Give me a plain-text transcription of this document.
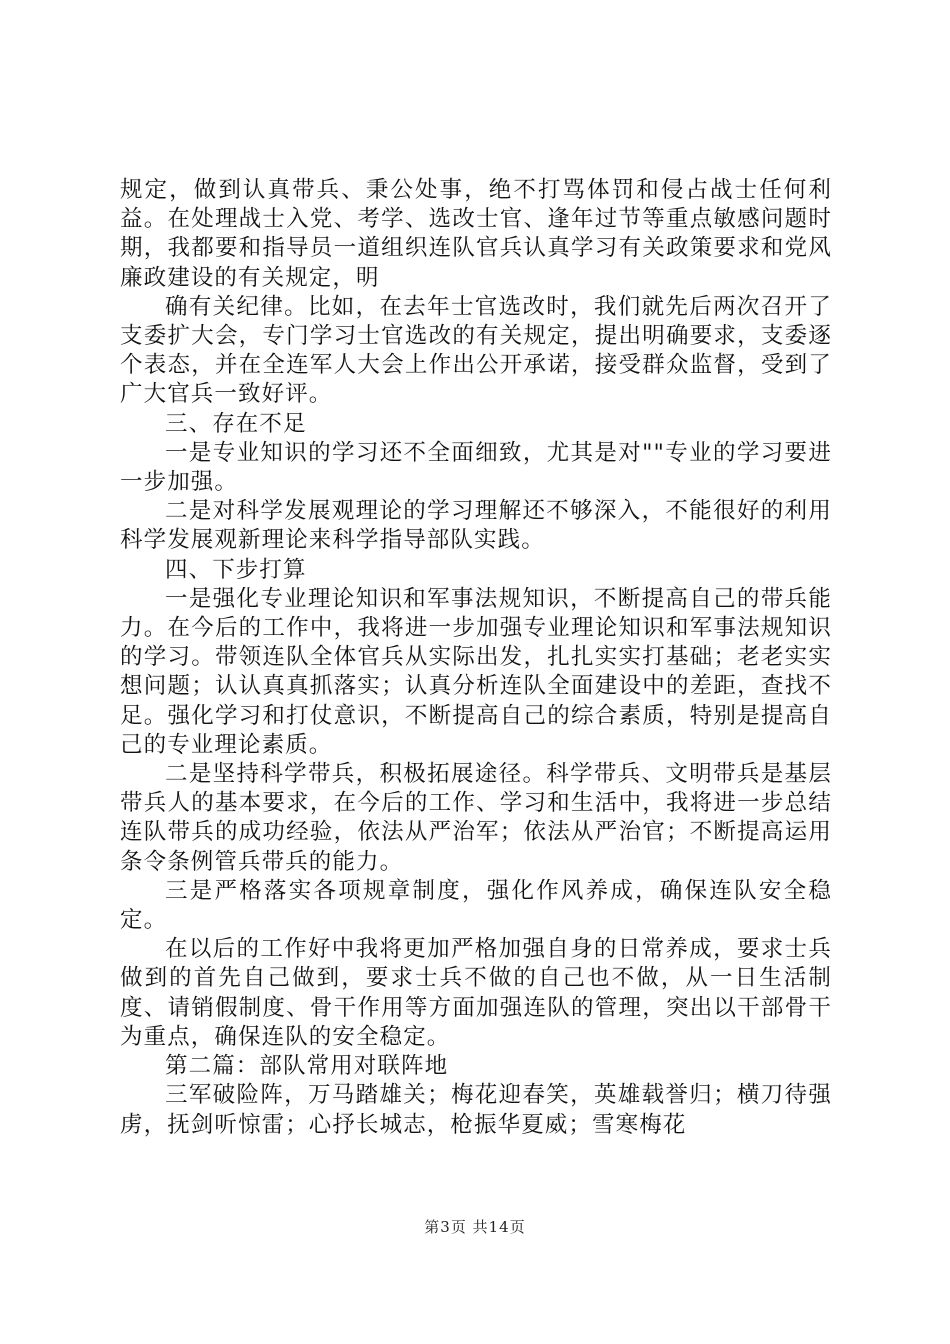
规定，做到认真带兵、秉公处事，绝不打骂体罚和侵占战士任何利益。在处理战士入党、考学、选改士官、逢年过节等重点敏感问题时期，我都要和指导员一道组织连队官兵认真学习有关政策要求和党风廉政建设的有关规定，明

确有关纪律。比如，在去年士官选改时，我们就先后两次召开了支委扩大会，专门学习士官选改的有关规定，提出明确要求，支委逐个表态，并在全连军人大会上作出公开承诺，接受群众监督，受到了广大官兵一致好评。

三、存在不足

一是专业知识的学习还不全面细致，尤其是对""专业的学习要进一步加强。

二是对科学发展观理论的学习理解还不够深入，不能很好的利用科学发展观新理论来科学指导部队实践。

四、下步打算

一是强化专业理论知识和军事法规知识，不断提高自己的带兵能力。在今后的工作中，我将进一步加强专业理论知识和军事法规知识的学习。带领连队全体官兵从实际出发，扎扎实实打基础；老老实实想问题；认认真真抓落实；认真分析连队全面建设中的差距，查找不足。强化学习和打仗意识，不断提高自己的综合素质，特别是提高自己的专业理论素质。

二是坚持科学带兵，积极拓展途径。科学带兵、文明带兵是基层带兵人的基本要求，在今后的工作、学习和生活中，我将进一步总结连队带兵的成功经验，依法从严治军；依法从严治官；不断提高运用条令条例管兵带兵的能力。

三是严格落实各项规章制度，强化作风养成，确保连队安全稳定。

在以后的工作好中我将更加严格加强自身的日常养成，要求士兵做到的首先自己做到，要求士兵不做的自己也不做，从一日生活制度、请销假制度、骨干作用等方面加强连队的管理，突出以干部骨干为重点，确保连队的安全稳定。

第二篇：部队常用对联阵地

三军破险阵，万马踏雄关；梅花迎春笑，英雄载誉归；横刀待强虏，抚剑听惊雷；心抒长城志，枪振华夏威；雪寒梅花

第3页 共14页
